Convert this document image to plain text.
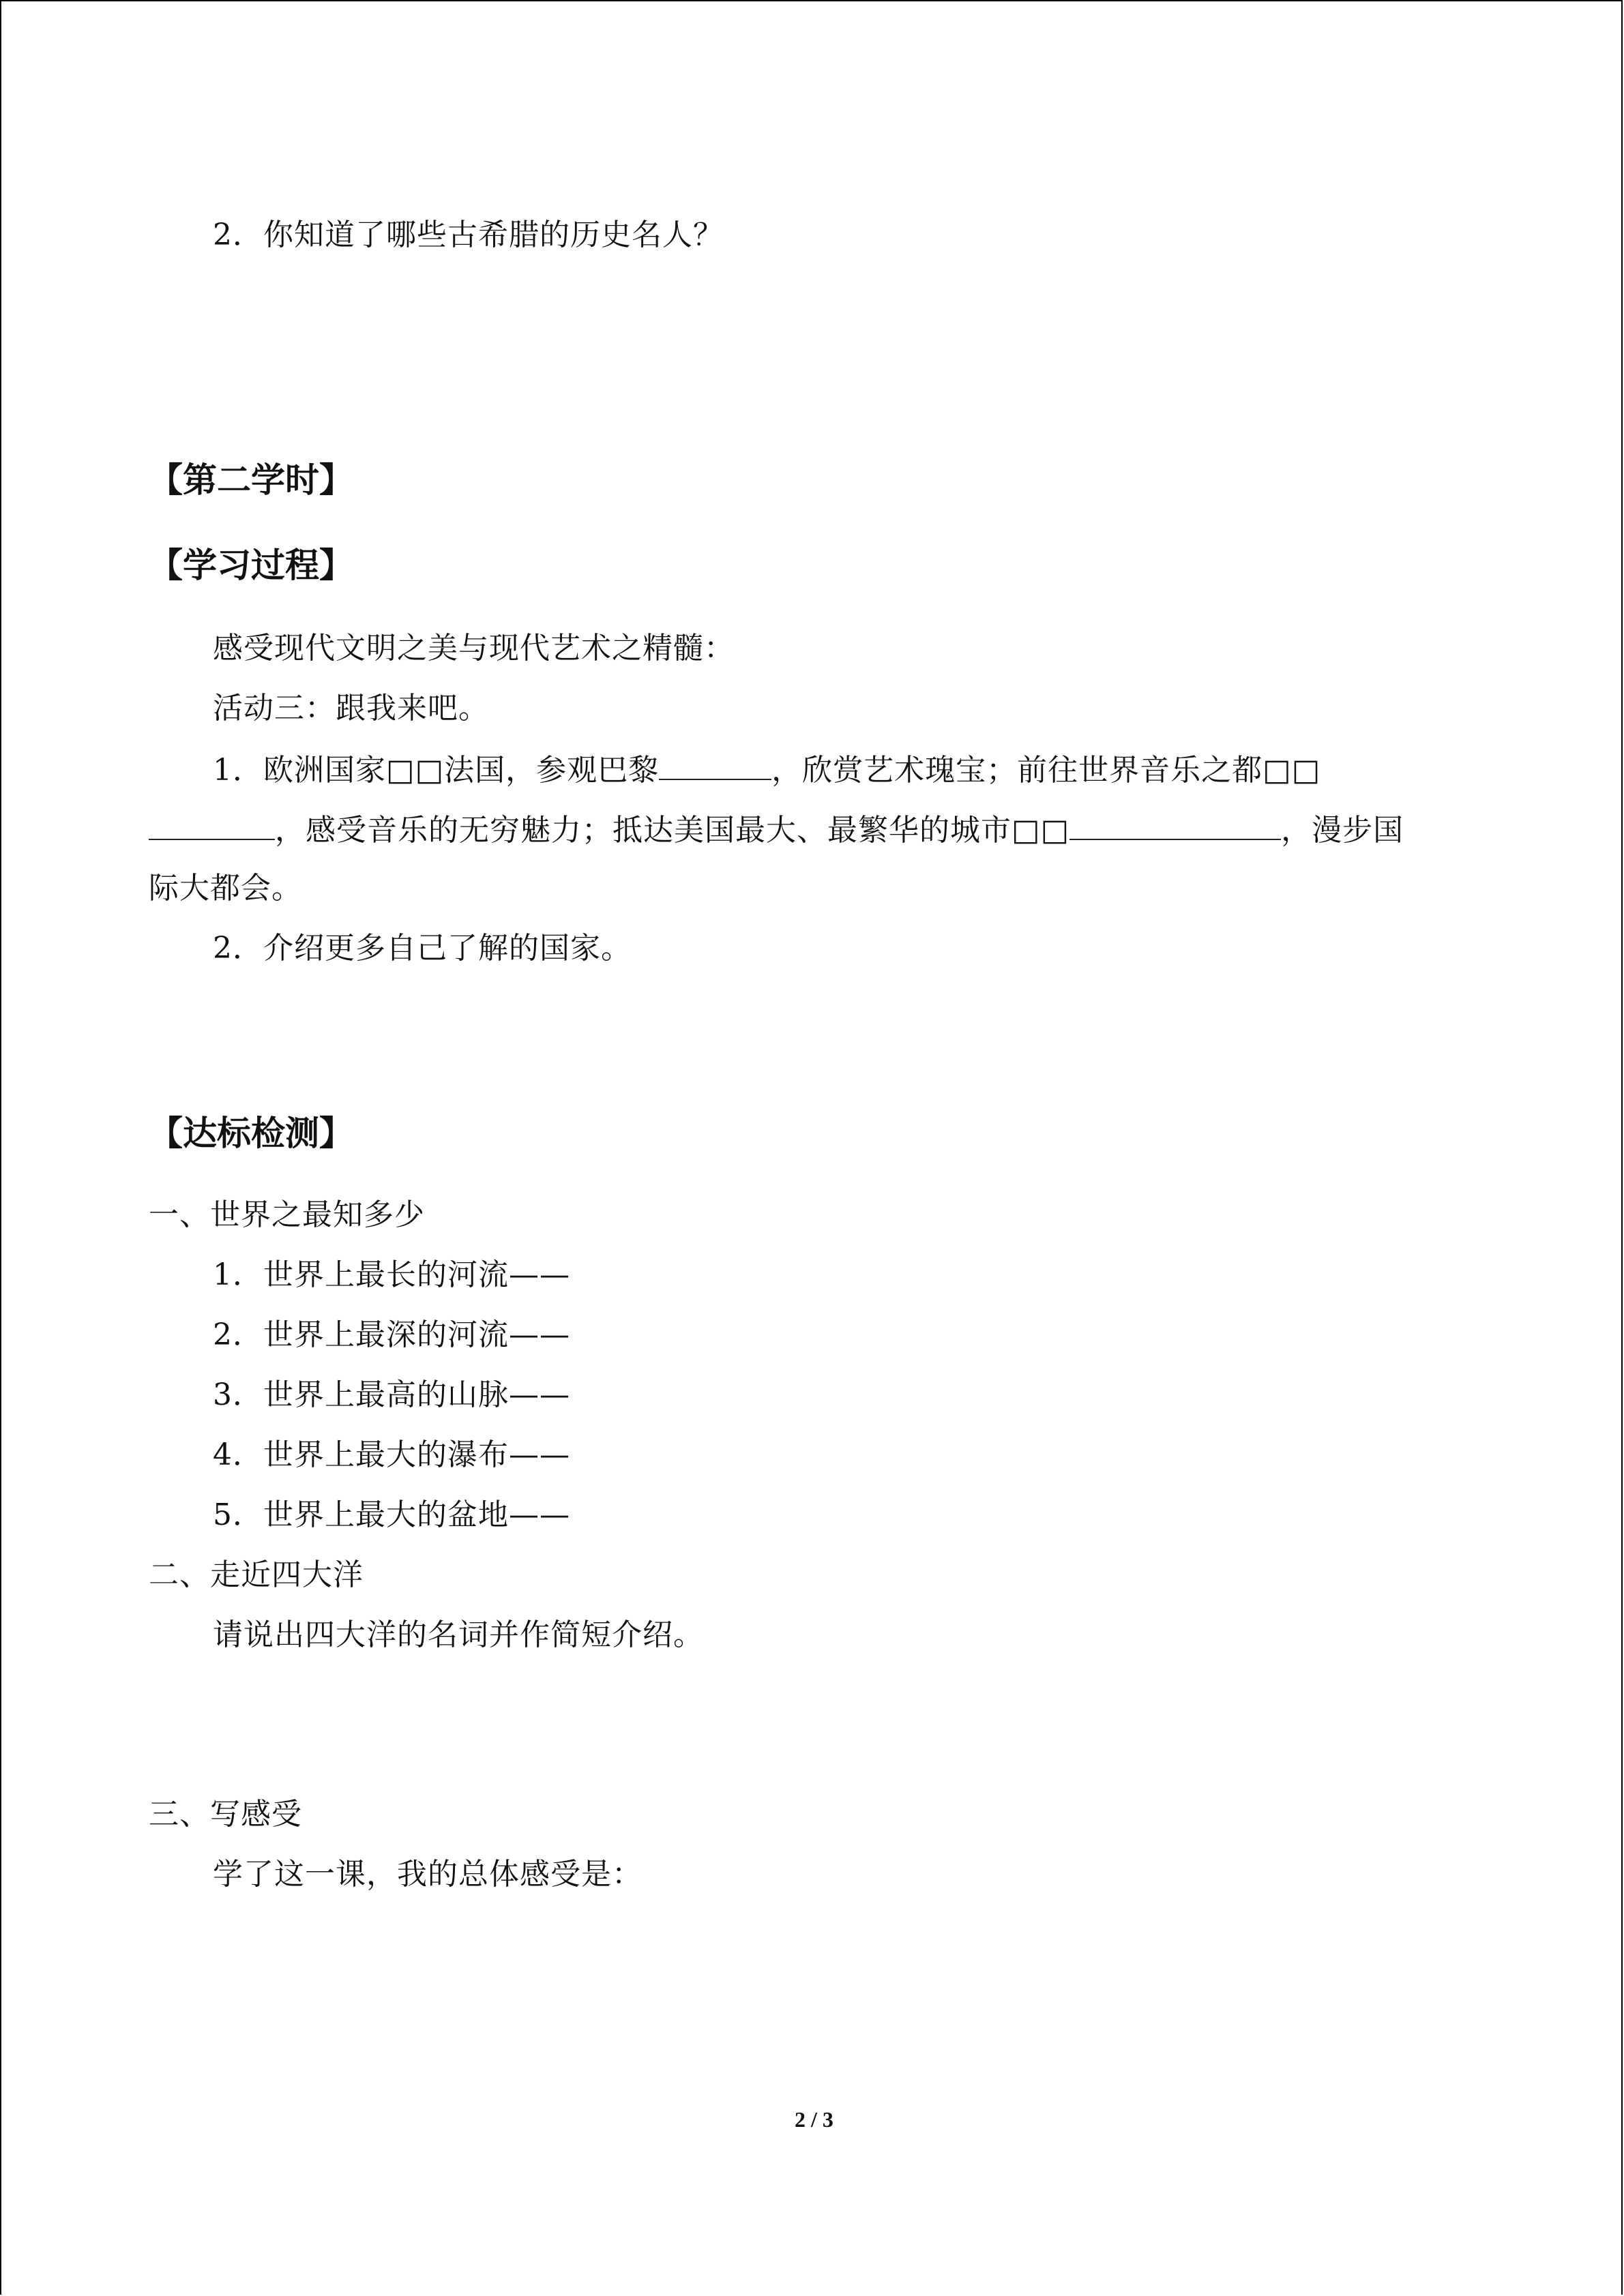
2．你知道了哪些古希腊的历史名人？
【第二学时】
【学习过程】
感受现代文明之美与现代艺术之精髓：
活动三：跟我来吧。
1．欧洲国家□□法国，参观巴黎	，欣赏艺术瑰宝；前往世界音乐之都□□
，感受音乐的无穷魅力；抵达美国最大、最繁华的城市□□	，漫步国
际大都会。
2．介绍更多自己了解的国家。
【达标检测】
一、世界之最知多少
1．世界上最长的河流——
2．世界上最深的河流——
3．世界上最高的山脉——
4．世界上最大的瀑布——
5．世界上最大的盆地——
二、走近四大洋
请说出四大洋的名词并作简短介绍。
三、写感受
学了这一课，我的总体感受是：
2 / 3
